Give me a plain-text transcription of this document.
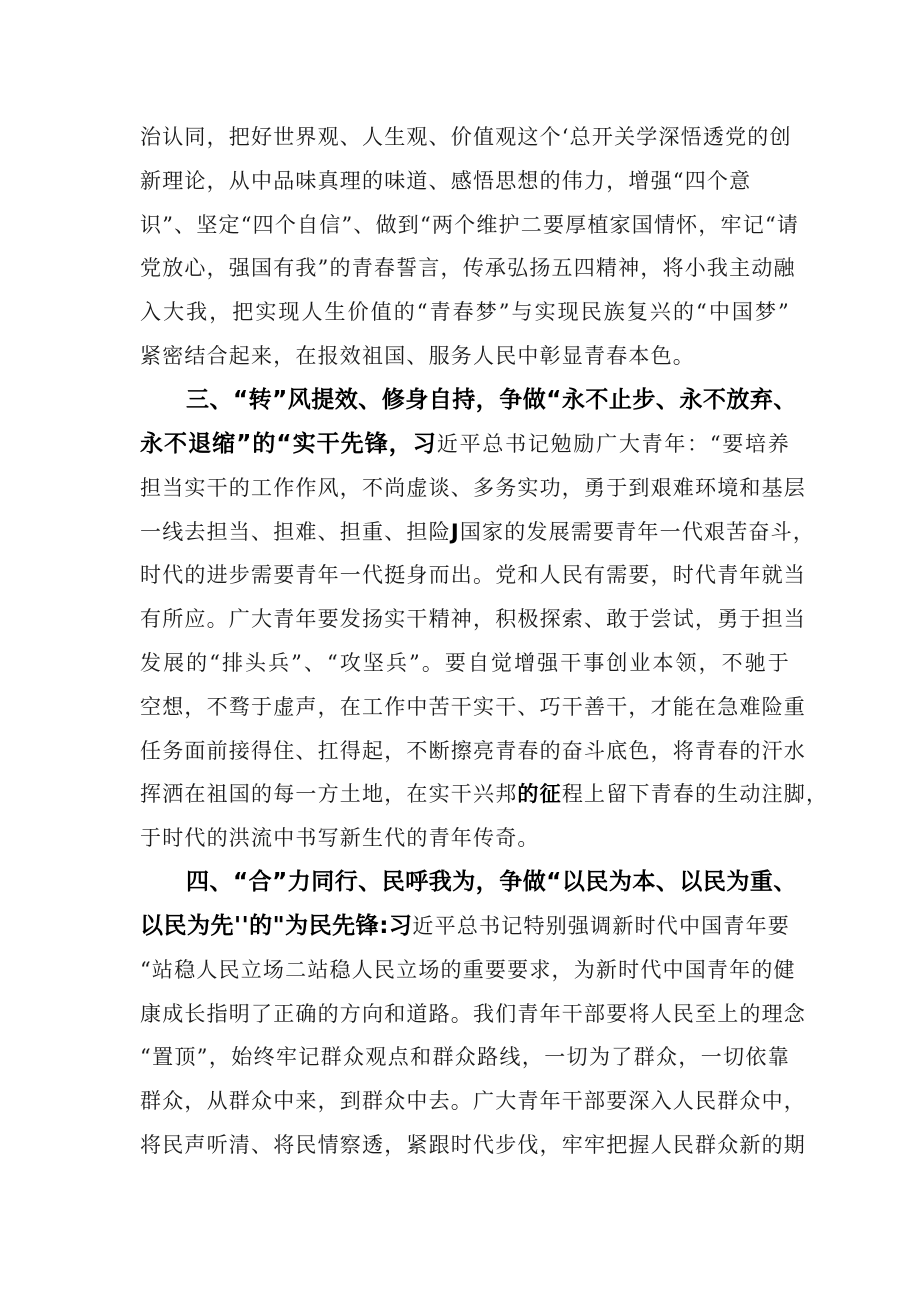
治认同，把好世界观、人生观、价值观这个‘总开关学深悟透党的创
新理论，从中品味真理的味道、感悟思想的伟力，增强“四个意
识”、坚定“四个自信”、做到“两个维护二要厚植家国情怀，牢记“请
党放心，强国有我”的青春誓言，传承弘扬五四精神，将小我主动融
入大我，把实现人生价值的“青春梦”与实现民族复兴的“中国梦”
紧密结合起来，在报效祖国、服务人民中彰显青春本色。
三、“转”风提效、修身自持，争做“永不止步、永不放弃、
永不退缩”的“实干先锋，习近平总书记勉励广大青年：“要培养
担当实干的工作作风，不尚虚谈、多务实功，勇于到艰难环境和基层
一线去担当、担难、担重、担险J国家的发展需要青年一代艰苦奋斗，
时代的进步需要青年一代挺身而出。党和人民有需要，时代青年就当
有所应。广大青年要发扬实干精神，积极探索、敢于尝试，勇于担当
发展的“排头兵”、“攻坚兵”。要自觉增强干事创业本领，不驰于
空想，不骛于虚声，在工作中苦干实干、巧干善干，才能在急难险重
任务面前接得住、扛得起，不断擦亮青春的奋斗底色，将青春的汗水
挥洒在祖国的每一方土地，在实干兴邦的征程上留下青春的生动注脚，
于时代的洪流中书写新生代的青年传奇。
四、“合”力同行、民呼我为，争做“以民为本、以民为重、
以民为先''的"为民先锋:习近平总书记特别强调新时代中国青年要
“站稳人民立场二站稳人民立场的重要要求，为新时代中国青年的健
康成长指明了正确的方向和道路。我们青年干部要将人民至上的理念
“置顶”，始终牢记群众观点和群众路线，一切为了群众，一切依靠
群众，从群众中来，到群众中去。广大青年干部要深入人民群众中，
将民声听清、将民情察透，紧跟时代步伐，牢牢把握人民群众新的期
